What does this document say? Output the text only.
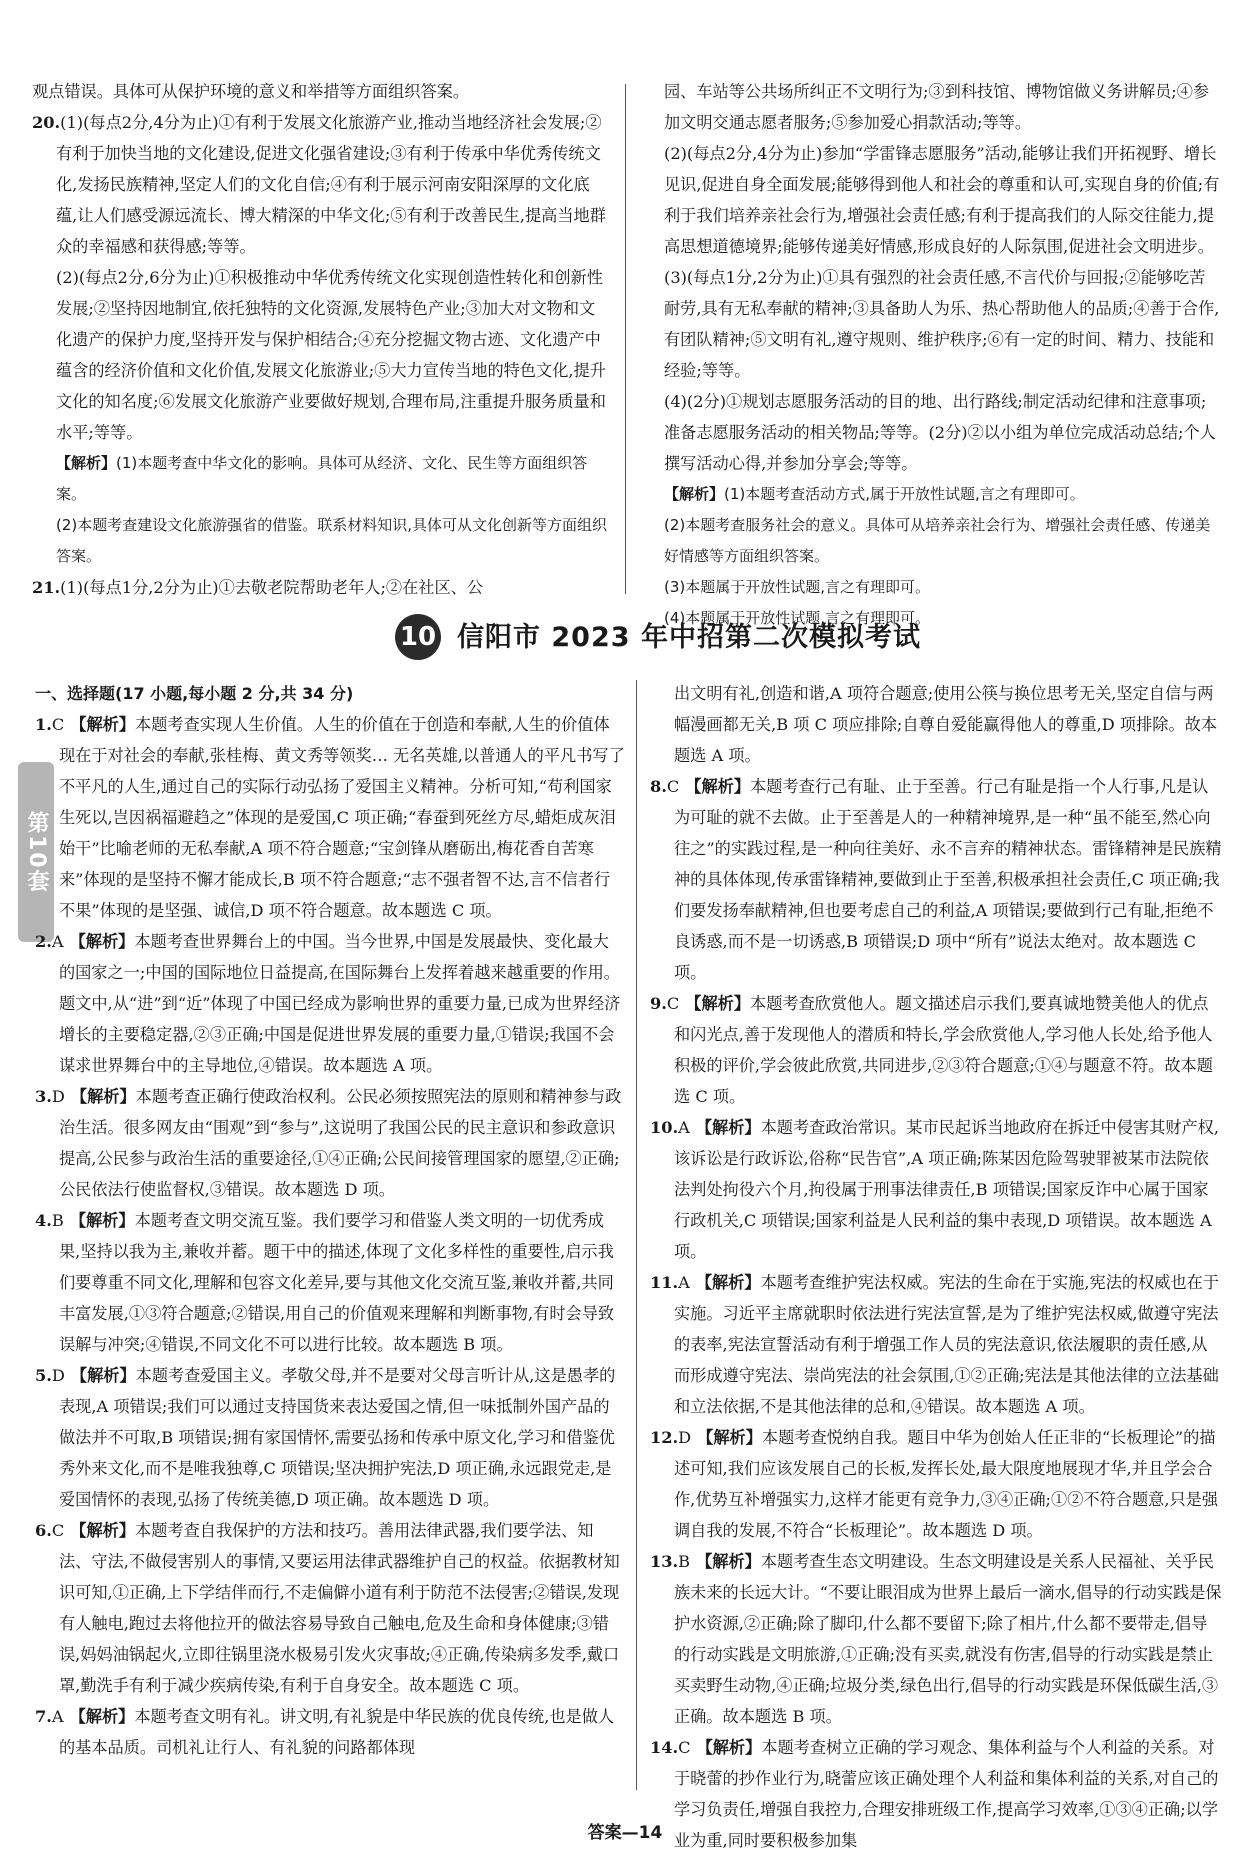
观点错误。具体可从保护环境的意义和举措等方面组织答案。

20.(1)(每点2分,4分为止)①有利于发展文化旅游产业,推动当地经济社会发展;②有利于加快当地的文化建设,促进文化强省建设;③有利于传承中华优秀传统文化,发扬民族精神,坚定人们的文化自信;④有利于展示河南安阳深厚的文化底蕴,让人们感受源远流长、博大精深的中华文化;⑤有利于改善民生,提高当地群众的幸福感和获得感;等等。

(2)(每点2分,6分为止)①积极推动中华优秀传统文化实现创造性转化和创新性发展;②坚持因地制宜,依托独特的文化资源,发展特色产业;③加大对文物和文化遗产的保护力度,坚持开发与保护相结合;④充分挖掘文物古迹、文化遗产中蕴含的经济价值和文化价值,发展文化旅游业;⑤大力宣传当地的特色文化,提升文化的知名度;⑥发展文化旅游产业要做好规划,合理布局,注重提升服务质量和水平;等等。

【解析】(1)本题考查中华文化的影响。具体可从经济、文化、民生等方面组织答案。

(2)本题考查建设文化旅游强省的借鉴。联系材料知识,具体可从文化创新等方面组织答案。

21.(1)(每点1分,2分为止)①去敬老院帮助老年人;②在社区、公

园、车站等公共场所纠正不文明行为;③到科技馆、博物馆做义务讲解员;④参加文明交通志愿者服务;⑤参加爱心捐款活动;等等。

(2)(每点2分,4分为止)参加“学雷锋志愿服务”活动,能够让我们开拓视野、增长见识,促进自身全面发展;能够得到他人和社会的尊重和认可,实现自身的价值;有利于我们培养亲社会行为,增强社会责任感;有利于提高我们的人际交往能力,提高思想道德境界;能够传递美好情感,形成良好的人际氛围,促进社会文明进步。

(3)(每点1分,2分为止)①具有强烈的社会责任感,不言代价与回报;②能够吃苦耐劳,具有无私奉献的精神;③具备助人为乐、热心帮助他人的品质;④善于合作,有团队精神;⑤文明有礼,遵守规则、维护秩序;⑥有一定的时间、精力、技能和经验;等等。

(4)(2分)①规划志愿服务活动的目的地、出行路线;制定活动纪律和注意事项;准备志愿服务活动的相关物品;等等。(2分)②以小组为单位完成活动总结;个人撰写活动心得,并参加分享会;等等。

【解析】(1)本题考查活动方式,属于开放性试题,言之有理即可。

(2)本题考查服务社会的意义。具体可从培养亲社会行为、增强社会责任感、传递美好情感等方面组织答案。

(3)本题属于开放性试题,言之有理即可。

(4)本题属于开放性试题,言之有理即可。

10 信阳市 2023 年中招第二次模拟考试
第10套

一、选择题(17 小题,每小题 2 分,共 34 分)

1.C 【解析】本题考查实现人生价值。人生的价值在于创造和奉献,人生的价值体现在于对社会的奉献,张桂梅、黄文秀等领奖… 无名英雄,以普通人的平凡书写了不平凡的人生,通过自己的实际行动弘扬了爱国主义精神。分析可知,“苟利国家生死以,岂因祸福避趋之”体现的是爱国,C 项正确;“春蚕到死丝方尽,蜡炬成灰泪始干”比喻老师的无私奉献,A 项不符合题意;“宝剑锋从磨砺出,梅花香自苦寒来”体现的是坚持不懈才能成长,B 项不符合题意;“志不强者智不达,言不信者行不果”体现的是坚强、诚信,D 项不符合题意。故本题选 C 项。

2.A 【解析】本题考查世界舞台上的中国。当今世界,中国是发展最快、变化最大的国家之一;中国的国际地位日益提高,在国际舞台上发挥着越来越重要的作用。题文中,从“进”到“近”体现了中国已经成为影响世界的重要力量,已成为世界经济增长的主要稳定器,②③正确;中国是促进世界发展的重要力量,①错误;我国不会谋求世界舞台中的主导地位,④错误。故本题选 A 项。

3.D 【解析】本题考查正确行使政治权利。公民必须按照宪法的原则和精神参与政治生活。很多网友由“围观”到“参与”,这说明了我国公民的民主意识和参政意识提高,公民参与政治生活的重要途径,①④正确;公民间接管理国家的愿望,②正确;公民依法行使监督权,③错误。故本题选 D 项。

4.B 【解析】本题考查文明交流互鉴。我们要学习和借鉴人类文明的一切优秀成果,坚持以我为主,兼收并蓄。题干中的描述,体现了文化多样性的重要性,启示我们要尊重不同文化,理解和包容文化差异,要与其他文化交流互鉴,兼收并蓄,共同丰富发展,①③符合题意;②错误,用自己的价值观来理解和判断事物,有时会导致误解与冲突;④错误,不同文化不可以进行比较。故本题选 B 项。

5.D 【解析】本题考查爱国主义。孝敬父母,并不是要对父母言听计从,这是愚孝的表现,A 项错误;我们可以通过支持国货来表达爱国之情,但一味抵制外国产品的做法并不可取,B 项错误;拥有家国情怀,需要弘扬和传承中原文化,学习和借鉴优秀外来文化,而不是唯我独尊,C 项错误;坚决拥护宪法,D 项正确,永远跟党走,是爱国情怀的表现,弘扬了传统美德,D 项正确。故本题选 D 项。

6.C 【解析】本题考查自我保护的方法和技巧。善用法律武器,我们要学法、知法、守法,不做侵害别人的事情,又要运用法律武器维护自己的权益。依据教材知识可知,①正确,上下学结伴而行,不走偏僻小道有利于防范不法侵害;②错误,发现有人触电,跑过去将他拉开的做法容易导致自己触电,危及生命和身体健康;③错误,妈妈油锅起火,立即往锅里浇水极易引发火灾事故;④正确,传染病多发季,戴口罩,勤洗手有利于减少疾病传染,有利于自身安全。故本题选 C 项。

7.A 【解析】本题考查文明有礼。讲文明,有礼貌是中华民族的优良传统,也是做人的基本品质。司机礼让行人、有礼貌的问路都体现

出文明有礼,创造和谐,A 项符合题意;使用公筷与换位思考无关,坚定自信与两幅漫画都无关,B 项 C 项应排除;自尊自爱能赢得他人的尊重,D 项排除。故本题选 A 项。

8.C 【解析】本题考查行己有耻、止于至善。行己有耻是指一个人行事,凡是认为可耻的就不去做。止于至善是人的一种精神境界,是一种“虽不能至,然心向往之”的实践过程,是一种向往美好、永不言弃的精神状态。雷锋精神是民族精神的具体体现,传承雷锋精神,要做到止于至善,积极承担社会责任,C 项正确;我们要发扬奉献精神,但也要考虑自己的利益,A 项错误;要做到行己有耻,拒绝不良诱惑,而不是一切诱惑,B 项错误;D 项中“所有”说法太绝对。故本题选 C 项。

9.C 【解析】本题考查欣赏他人。题文描述启示我们,要真诚地赞美他人的优点和闪光点,善于发现他人的潜质和特长,学会欣赏他人,学习他人长处,给予他人积极的评价,学会彼此欣赏,共同进步,②③符合题意;①④与题意不符。故本题选 C 项。

10.A 【解析】本题考查政治常识。某市民起诉当地政府在拆迁中侵害其财产权,该诉讼是行政诉讼,俗称“民告官”,A 项正确;陈某因危险驾驶罪被某市法院依法判处拘役六个月,拘役属于刑事法律责任,B 项错误;国家反诈中心属于国家行政机关,C 项错误;国家利益是人民利益的集中表现,D 项错误。故本题选 A 项。

11.A 【解析】本题考查维护宪法权威。宪法的生命在于实施,宪法的权威也在于实施。习近平主席就职时依法进行宪法宣誓,是为了维护宪法权威,做遵守宪法的表率,宪法宣誓活动有利于增强工作人员的宪法意识,依法履职的责任感,从而形成遵守宪法、崇尚宪法的社会氛围,①②正确;宪法是其他法律的立法基础和立法依据,不是其他法律的总和,④错误。故本题选 A 项。

12.D 【解析】本题考查悦纳自我。题目中华为创始人任正非的“长板理论”的描述可知,我们应该发展自己的长板,发挥长处,最大限度地展现才华,并且学会合作,优势互补增强实力,这样才能更有竞争力,③④正确;①②不符合题意,只是强调自我的发展,不符合“长板理论”。故本题选 D 项。

13.B 【解析】本题考查生态文明建设。生态文明建设是关系人民福祉、关乎民族未来的长远大计。“不要让眼泪成为世界上最后一滴水,倡导的行动实践是保护水资源,②正确;除了脚印,什么都不要留下;除了相片,什么都不要带走,倡导的行动实践是文明旅游,①正确;没有买卖,就没有伤害,倡导的行动实践是禁止买卖野生动物,④正确;垃圾分类,绿色出行,倡导的行动实践是环保低碳生活,③正确。故本题选 B 项。

14.C 【解析】本题考查树立正确的学习观念、集体利益与个人利益的关系。对于晓蕾的抄作业行为,晓蕾应该正确处理个人利益和集体利益的关系,对自己的学习负责任,增强自我控力,合理安排班级工作,提高学习效率,①③④正确;以学业为重,同时要积极参加集

答案—14
